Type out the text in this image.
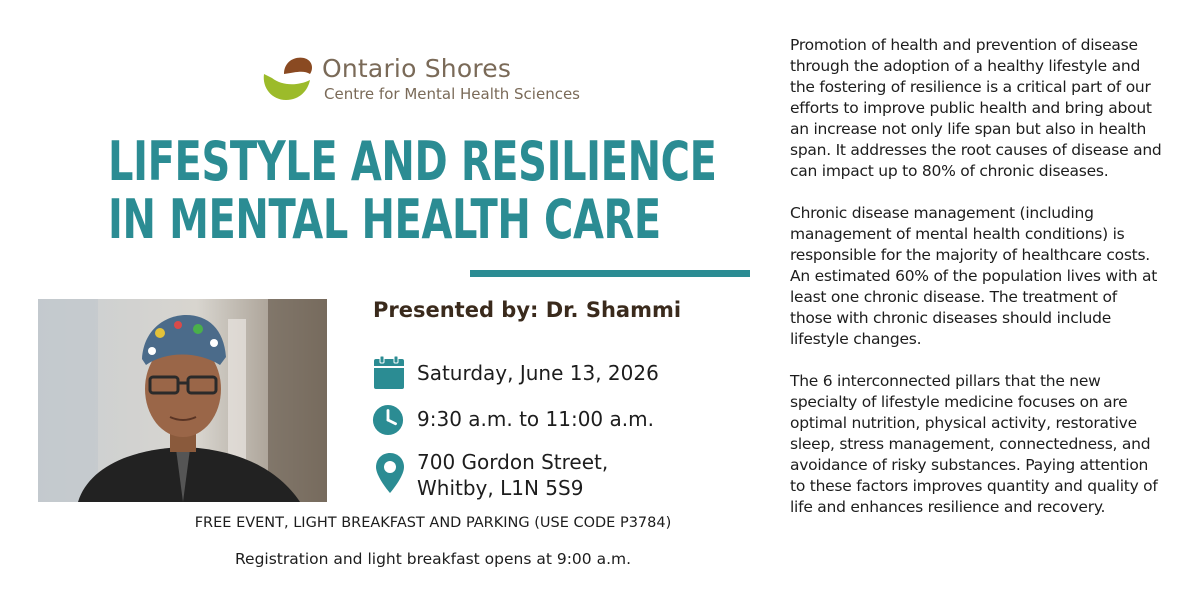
Ontario Shores
Centre for Mental Health Sciences
LIFESTYLE AND RESILIENCE
IN MENTAL HEALTH CARE
Presented by: Dr. Shammi
Saturday, June 13, 2026
9:30 a.m. to 11:00 a.m.
700 Gordon Street,
Whitby, L1N 5S9
FREE EVENT, LIGHT BREAKFAST AND PARKING (USE CODE P3784)
Registration and light breakfast opens at 9:00 a.m.

Promotion of health and prevention of disease through the adoption of a healthy lifestyle and the fostering of resilience is a critical part of our efforts to improve public health and bring about an increase not only life span but also in health span. It addresses the root causes of disease and can impact up to 80% of chronic diseases.

Chronic disease management (including management of mental health conditions) is responsible for the majority of healthcare costs. An estimated 60% of the population lives with at least one chronic disease. The treatment of those with chronic diseases should include lifestyle changes.

The 6 interconnected pillars that the new specialty of lifestyle medicine focuses on are optimal nutrition, physical activity, restorative sleep, stress management, connectedness, and avoidance of risky substances. Paying attention to these factors improves quantity and quality of life and enhances resilience and recovery.
